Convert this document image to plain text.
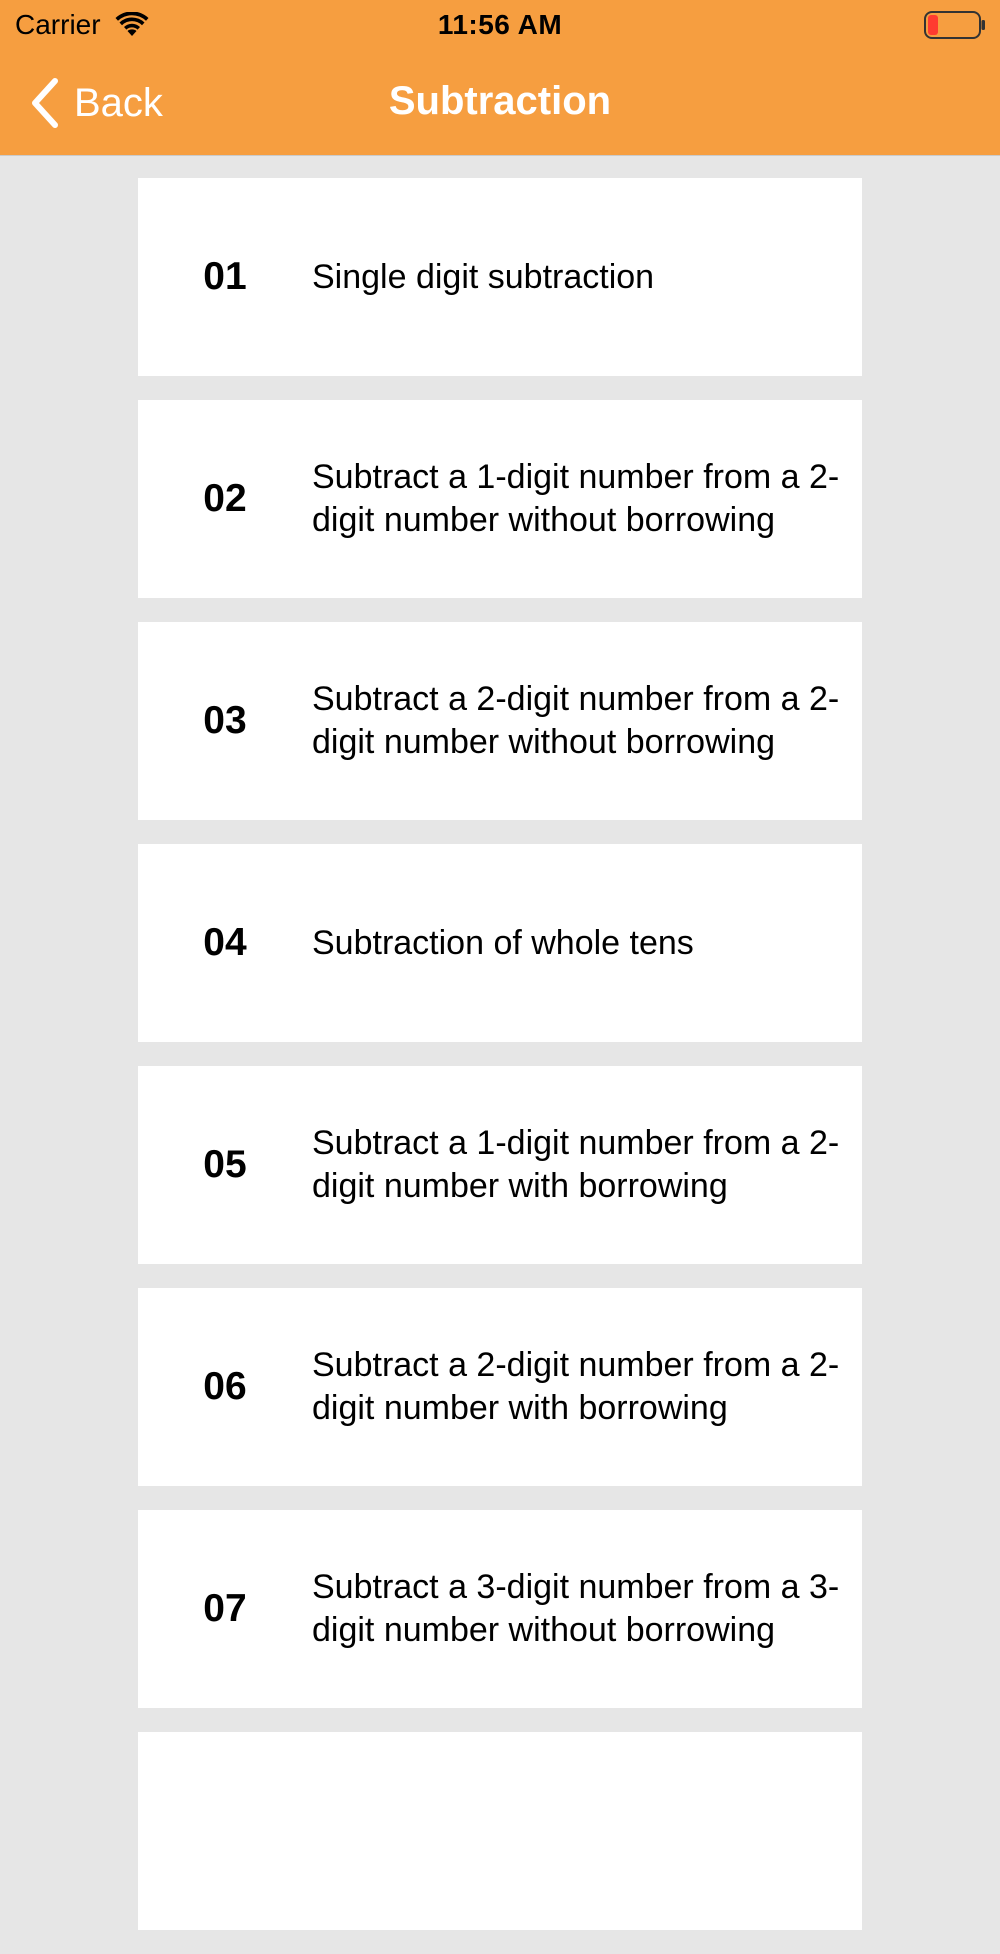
Carrier	11:56 AM
Back	Subtraction
01	Single digit subtraction
02	Subtract a 1-digit number from a 2-digit number without borrowing
03	Subtract a 2-digit number from a 2-digit number without borrowing
04	Subtraction of whole tens
05	Subtract a 1-digit number from a 2-digit number with borrowing
06	Subtract a 2-digit number from a 2-digit number with borrowing
07	Subtract a 3-digit number from a 3-digit number without borrowing
